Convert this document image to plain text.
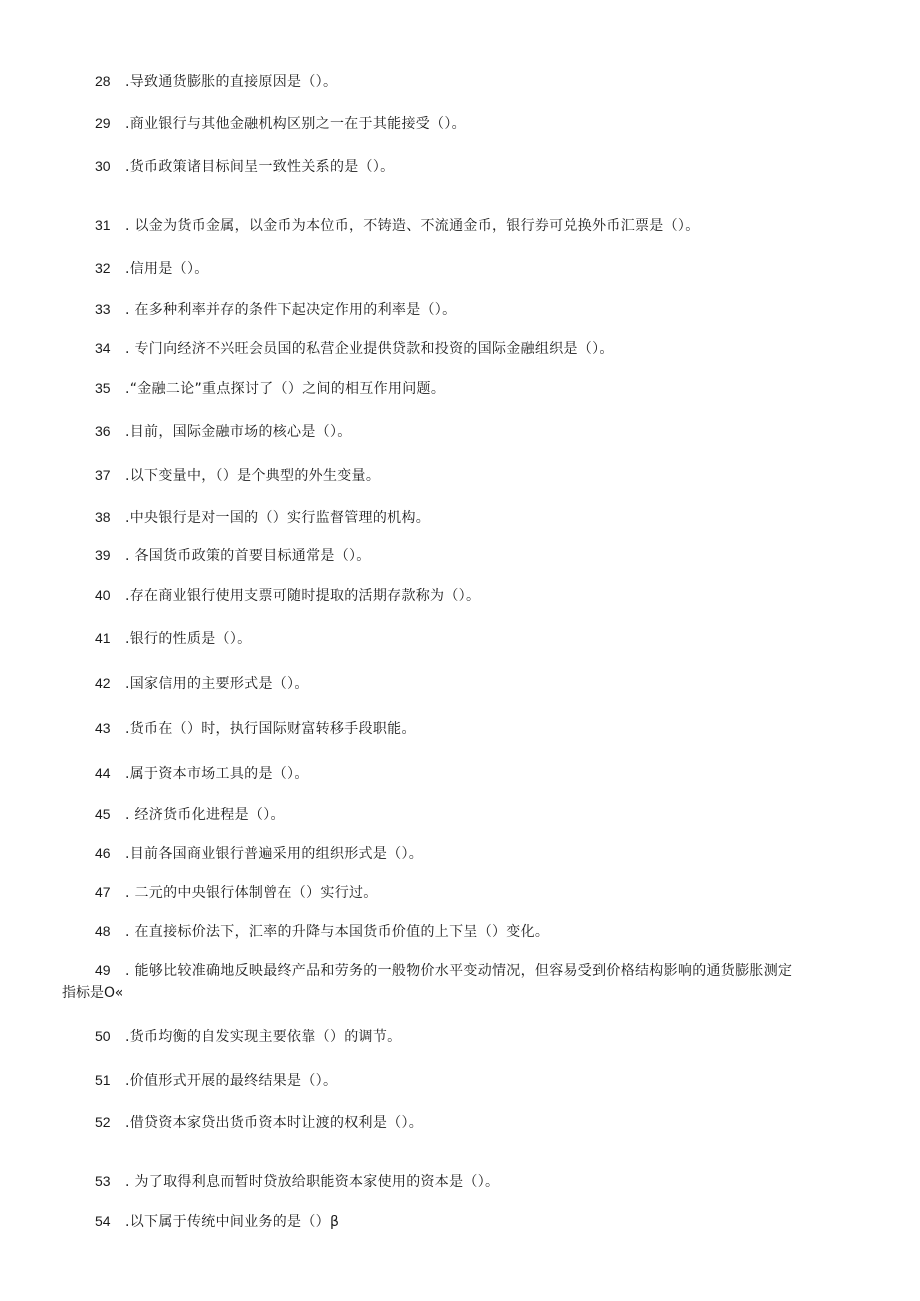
28 .导致通货膨胀的直接原因是（）。
29 .商业银行与其他金融机构区别之一在于其能接受（）。
30 .货币政策诸目标间呈一致性关系的是（）。
31 . 以金为货币金属，以金币为本位币，不铸造、不流通金币，银行券可兑换外币汇票是（）。
32 .信用是（）。
33 . 在多种利率并存的条件下起决定作用的利率是（）。
34 . 专门向经济不兴旺会员国的私营企业提供贷款和投资的国际金融组织是（）。
35 .“金融二论”重点探讨了（）之间的相互作用问题。
36 .目前，国际金融市场的核心是（）。
37 .以下变量中，（）是个典型的外生变量。
38 .中央银行是对一国的（）实行监督管理的机构。
39 . 各国货币政策的首要目标通常是（）。
40 .存在商业银行使用支票可随时提取的活期存款称为（）。
41 .银行的性质是（）。
42 .国家信用的主要形式是（）。
43 .货币在（）时，执行国际财富转移手段职能。
44 .属于资本市场工具的是（）。
45 . 经济货币化进程是（）。
46 .目前各国商业银行普遍采用的组织形式是（）。
47 . 二元的中央银行体制曾在（）实行过。
48 . 在直接标价法下，汇率的升降与本国货币价值的上下呈（）变化。
49 . 能够比较准确地反映最终产品和劳务的一般物价水平变动情况，但容易受到价格结构影响的通货膨胀测定
指标是O«
50 .货币均衡的自发实现主要依靠（）的调节。
51 .价值形式开展的最终结果是（）。
52 .借贷资本家贷出货币资本时让渡的权利是（）。
53 . 为了取得利息而暂时贷放给职能资本家使用的资本是（）。
54 .以下属于传统中间业务的是（）β
